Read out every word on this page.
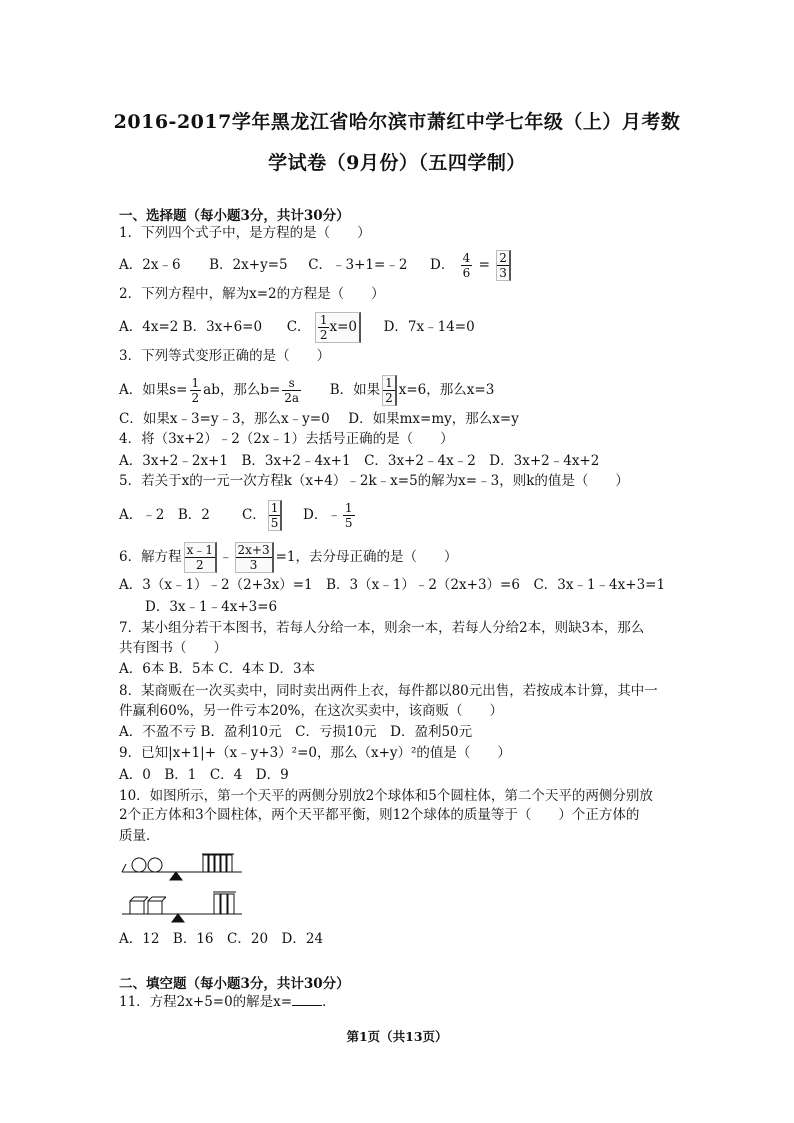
2016-2017学年黑龙江省哈尔滨市萧红中学七年级（上）月考数
学试卷（9月份）（五四学制）
一、选择题（每小题3分，共计30分）
1．下列四个式子中，是方程的是（　　）
A．2x﹣6 B．2x+y=5 C．﹣3+1=﹣2 D． $\frac{4}{6} = \frac{2}{3}$
2．下列方程中，解为x=2的方程是（　　）
A．4x=2 B．3x+6=0 C． $\frac{1}{2} x=0$ D．7x﹣14=0
3．下列等式变形正确的是（　　）
A．如果$s= \frac{1}{2}$ ab，那么$b= \frac{s}{2a}$ B．如果 $\frac{1}{2} x=6$，那么x=3
C．如果x﹣3=y﹣3，那么x﹣y=0 D．如果mx=my，那么x=y
4．将（3x+2）﹣2（2x﹣1）去括号正确的是（　　）
A．3x+2﹣2x+1　B．3x+2﹣4x+1　C．3x+2﹣4x﹣2　D．3x+2﹣4x+2
5．若关于x的一元一次方程k（x+4）﹣2k﹣x=5的解为x=﹣3，则k的值是（　　）
A．﹣2　B．2　  C． $\frac{1}{5}$ D．﹣ $\frac{1}{5}$
6．解方程 $\frac{x﹣1}{2}$ ﹣ $\frac{2x+3}{3} =1$，去分母正确的是（　　）
A．3（x﹣1）﹣2（2+3x）=1　B．3（x﹣1）﹣2（2x+3）=6　C．3x﹣1﹣4x+3=1
D．3x﹣1﹣4x+3=6
7．某小组分若干本图书，若每人分给一本，则余一本，若每人分给2本，则缺3本，那么
共有图书（　　）
A．6本 B．5本 C．4本 D．3本
8．某商贩在一次买卖中，同时卖出两件上衣，每件都以80元出售，若按成本计算，其中一
件赢利60%，另一件亏本20%，在这次买卖中，该商贩（　　）
A．不盈不亏 B．盈利10元　C．亏损10元　D．盈利50元
9．已知|x+1|+（x﹣y+3）²=0，那么（x+y）²的值是（　　）
A．0　B．1　C．4　D．9
10．如图所示，第一个天平的两侧分别放2个球体和5个圆柱体，第二个天平的两侧分别放
2个正方体和3个圆柱体，两个天平都平衡，则12个球体的质量等于（　　）个正方体的
质量．
A．12　B．16　C．20　D．24
二、填空题（每小题3分，共计30分）
11．方程2x+5=0的解是x= ．
第1页（共13页）
